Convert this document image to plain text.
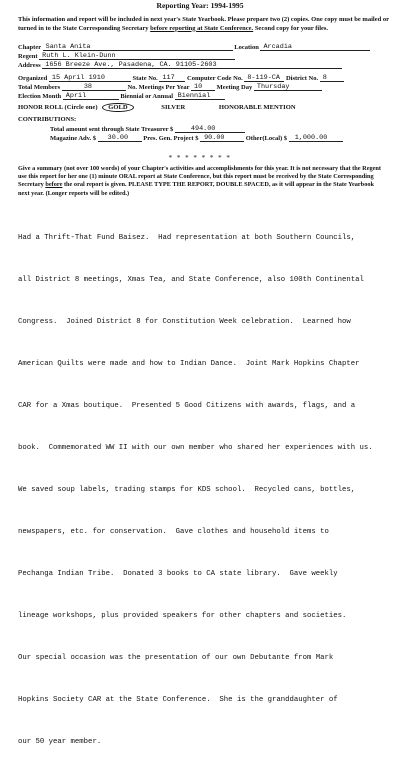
Reporting Year: 1994-1995
This information and report will be included in next year's State Yearbook. Please prepare two (2) copies. One copy must be mailed or turned in to the State Corresponding Secretary before reporting at State Conference. Second copy for your files.
Chapter Santa Anita	Location Arcadia
Regent Ruth L. Klein-Dunn
Address 1656 Breeze Ave., Pasadena, CA. 91105-2603
Organized 15 April 1910	State No. 117 Computer Code No. 8-119-CA District No. 8
Total Members	38	No. Meetings Per Year 10 Meeting Day Thursday
Election Month April	Biennial or Annual Biennial
HONOR ROLL (Circle one) GOLD	SILVER	HONORABLE MENTION
CONTRIBUTIONS:
Total amount sent through State Treasurer $	494.00
Magazine Adv. $ 30.00 Pres. Gen. Project $ 90.00	Other(Local) $ 1,000.00
* * * * * * * *
Give a summary (not over 100 words) of your Chapter's activities and accomplishments for this year. It is not necessary that the Regent use this report for her one (1) minute ORAL report at State Conference, but this report must be received by the State Corresponding Secretary before the oral report is given. PLEASE TYPE THE REPORT, DOUBLE SPACED, as it will appear in the State Yearbook next year. (Longer reports will be edited.)

Had a Thrift-That Fund Baisez.  Had representation at both Southern Councils,

all District 8 meetings, Xmas Tea, and State Conference, also 100th Continental

Congress.  Joined District 8 for Constitution Week celebration.  Learned how

American Quilts were made and how to Indian Dance.  Joint Mark Hopkins Chapter

CAR for a Xmas boutique.  Presented 5 Good Citizens with awards, flags, and a

book.  Commemorated WW II with our own member who shared her experiences with us.

We saved soup labels, trading stamps for KDS school.  Recycled cans, bottles,

newspapers, etc. for conservation.  Gave clothes and household items to

Pechanga Indian Tribe.  Donated 3 books to CA state library.  Gave weekly

lineage workshops, plus provided speakers for other chapters and societies.

Our special occasion was the presentation of our own Debutante from Mark

Hopkins Society CAR at the State Conference.  She is the granddaughter of

our 50 year member.
